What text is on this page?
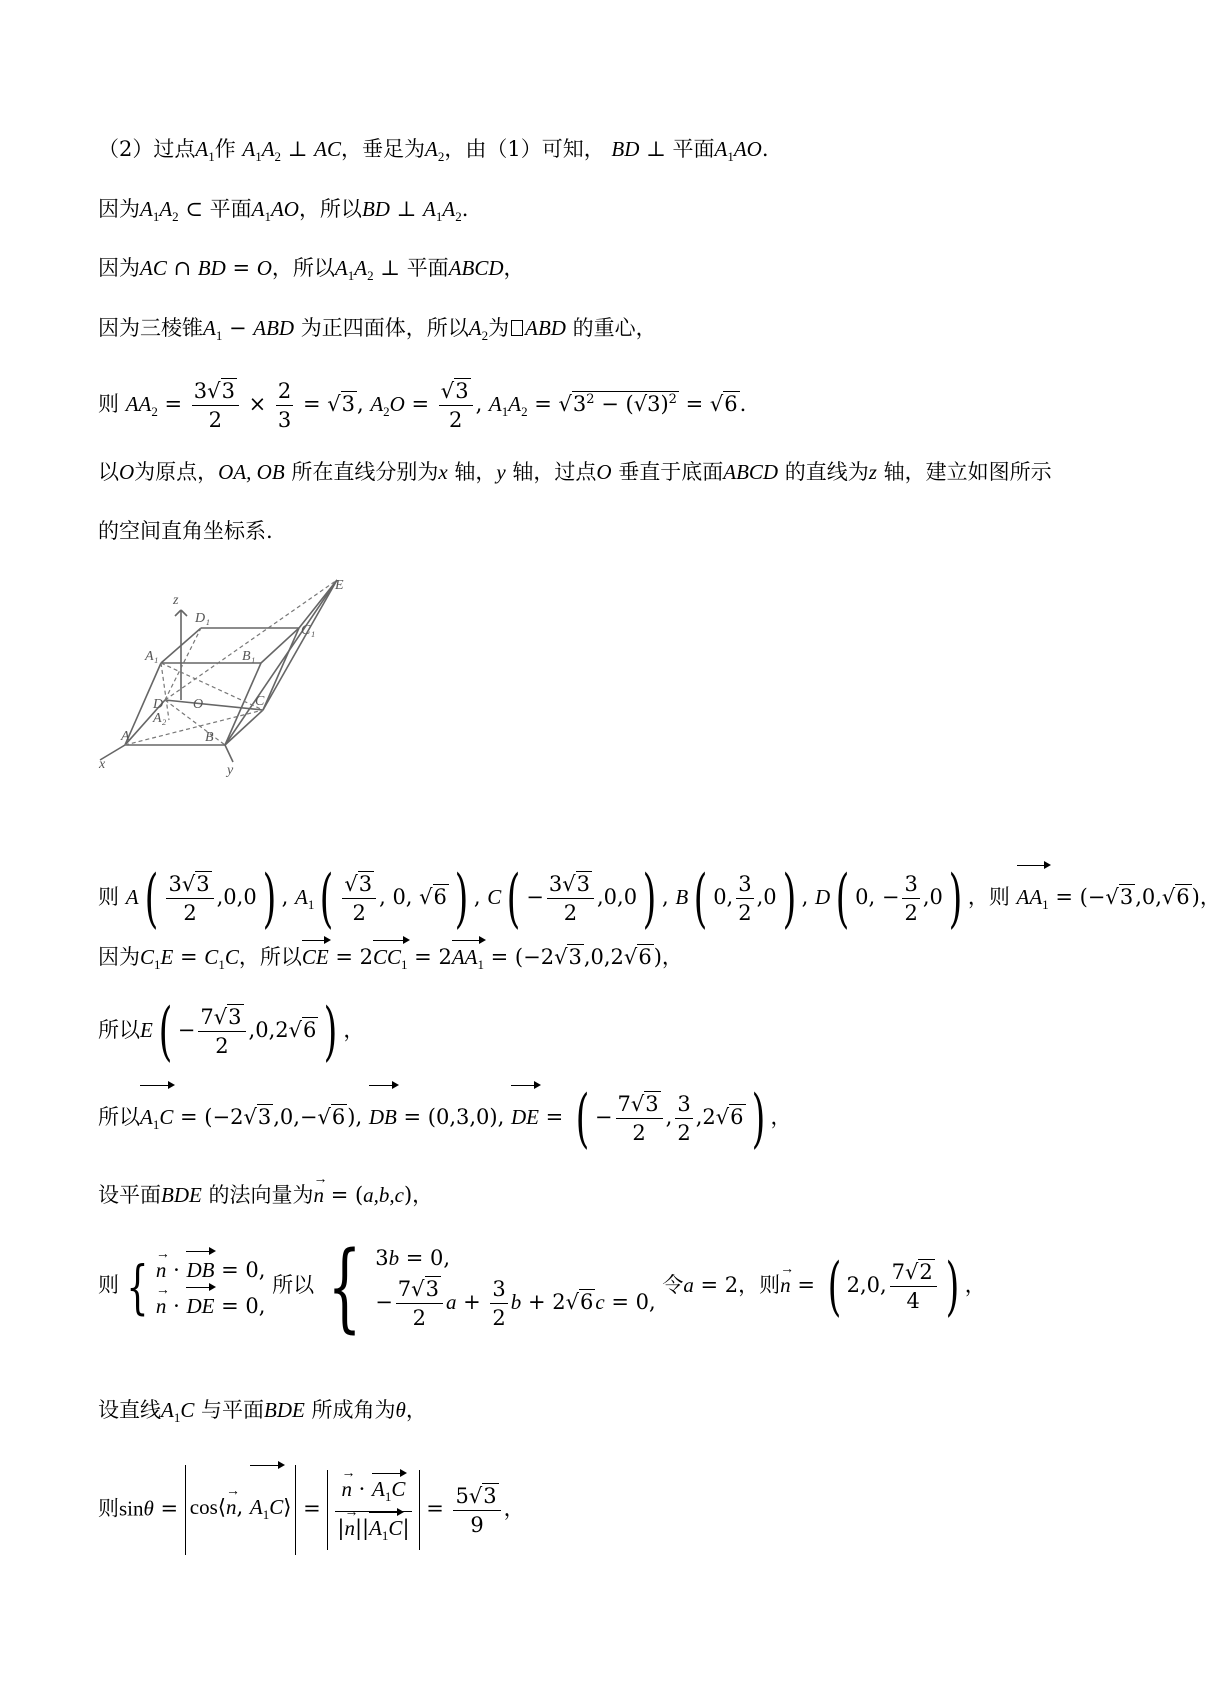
（2）过点$A_1$作 $A_1A_2$ ⊥ AC，垂足为$A_2$，由（1）可知， BD ⊥ 平面$A_1AO$.
因为$A_1A_2$ ⊂ 平面$A_1AO$，所以BD ⊥ $A_1A_2$.
因为AC ∩ BD = O，所以$A_1A_2$ ⊥ 平面ABCD，
因为三棱锥$A_1$ − ABD 为正四面体，所以$A_2$为 ABD 的重心，
则 $AA_2 = \frac{3√3}{2} \times \frac{2}{3} = √3$, $A_2O = \frac{√3}{2}$ , $A_1A_2 = √3^2 - (√3)^2 = √6$.
以O为原点，OA, OB 所在直线分别为x 轴，y 轴，过点O 垂直于底面ABCD 的直线为z 轴，建立如图所示
的空间直角坐标系.
E
z
D₁
C₁
A₁	B₁
D O	C
A₂
A	B
x	y
则 $A( \frac{3√3}{2} ,0,0)$ , $A_1( \frac{√3}{2}$ , 0, √6 ) , $C( - \frac{3√3}{2} ,0,0)$ , B( 0, $\frac{3}{2} ,0$) , D( 0, − $\frac{3}{2} ,0$) ，则 $AA_1 = (-√3,0,√6)$，
因为$C_1E = C_1C$，所以CE = $2CC_1 = 2AA_1 = (-2√3,0,2√6)$，
所以$E( - \frac{7√3}{2} ,0,2√6$ ) ，
所以$A_1C = (-2√3,0,-√6)$, DB = (0,3,0), DE = ( − $\frac{7√3}{2}$ , $\frac{3}{2} ,2√6$ ) ，
设平面BDE 的法向量为→ n = (a,b,c)，
则 { → n · DB = 0,
→ n · DE = 0,
所以 { 3b = 0,
− $\frac{7√3}{2}$ $a + \frac{3}{2}$ b + 2√6c = 0,
令a = 2，则→ n = ( 2,0, $\frac{7√2}{4}$ ) ，
设直线$A_1C$ 与平面BDE 所成角为θ，
则sinθ = cos⟨→ n, $A_1C⟩$ = → $\frac{n \cdot A_1C}{|\to n||A_1C|} = \frac{5√3}{9}$ ，
